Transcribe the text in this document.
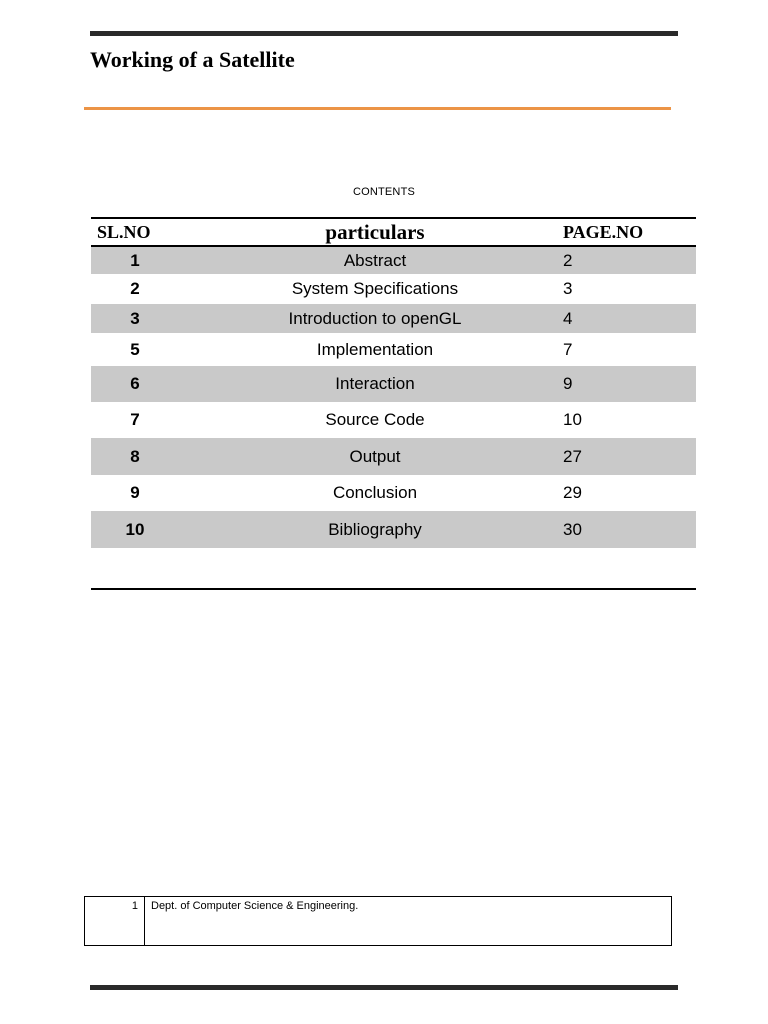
Working of a Satellite
CONTENTS
SL.NO	particulars	PAGE.NO
1	Abstract	2
2	System Specifications	3
3	Introduction to openGL	4
5	Implementation	7
6	Interaction	9
7	Source Code	10
8	Output	27
9	Conclusion	29
10	Bibliography	30
1	Dept. of Computer Science & Engineering.
